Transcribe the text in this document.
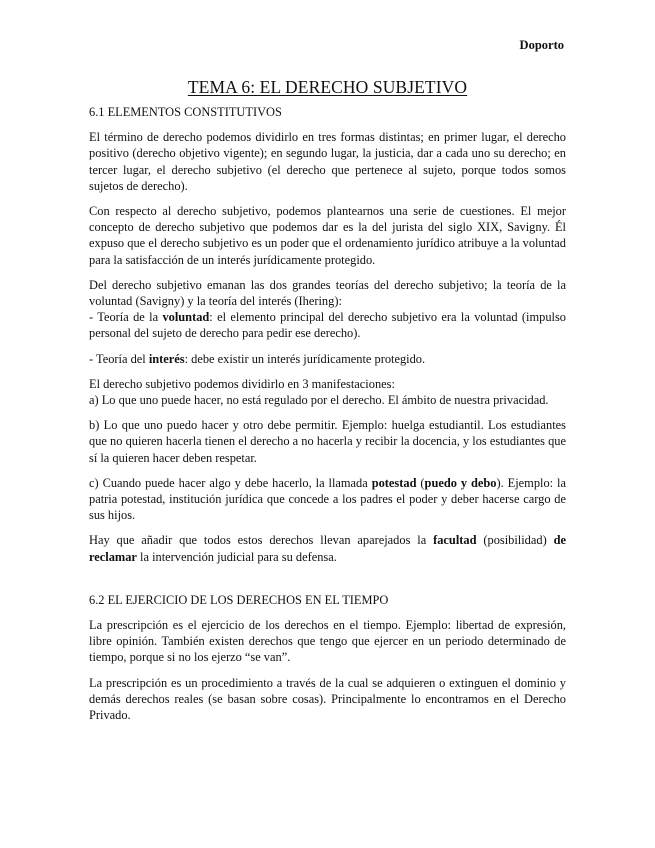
Doporto
TEMA 6: EL DERECHO SUBJETIVO
6.1 ELEMENTOS CONSTITUTIVOS

El término de derecho podemos dividirlo en tres formas distintas; en primer lugar, el derecho positivo (derecho objetivo vigente); en segundo lugar, la justicia, dar a cada uno su derecho; en tercer lugar, el derecho subjetivo (el derecho que pertenece al sujeto, porque todos somos sujetos de derecho).

Con respecto al derecho subjetivo, podemos plantearnos una serie de cuestiones. El mejor concepto de derecho subjetivo que podemos dar es la del jurista del siglo XIX, Savigny. Él expuso que el derecho subjetivo es un poder que el ordenamiento jurídico atribuye a la voluntad para la satisfacción de un interés jurídicamente protegido.

Del derecho subjetivo emanan las dos grandes teorías del derecho subjetivo; la teoría de la voluntad (Savigny) y la teoría del interés (Ihering):

- Teoría de la voluntad: el elemento principal del derecho subjetivo era la voluntad (impulso personal del sujeto de derecho para pedir ese derecho).

- Teoría del interés: debe existir un interés jurídicamente protegido.

El derecho subjetivo podemos dividirlo en 3 manifestaciones:

a) Lo que uno puede hacer, no está regulado por el derecho. El ámbito de nuestra privacidad.

b) Lo que uno puedo hacer y otro debe permitir. Ejemplo: huelga estudiantil. Los estudiantes que no quieren hacerla tienen el derecho a no hacerla y recibir la docencia, y los estudiantes que sí la quieren hacer deben respetar.

c) Cuando puede hacer algo y debe hacerlo, la llamada potestad (puedo y debo). Ejemplo: la patria potestad, institución jurídica que concede a los padres el poder y deber hacerse cargo de sus hijos.

Hay que añadir que todos estos derechos llevan aparejados la facultad (posibilidad) de reclamar la intervención judicial para su defensa.

6.2 EL EJERCICIO DE LOS DERECHOS EN EL TIEMPO

La prescripción es el ejercicio de los derechos en el tiempo. Ejemplo: libertad de expresión, libre opinión. También existen derechos que tengo que ejercer en un periodo determinado de tiempo, porque si no los ejerzo “se van”.

La prescripción es un procedimiento a través de la cual se adquieren o extinguen el dominio y demás derechos reales (se basan sobre cosas). Principalmente lo encontramos en el Derecho Privado.
